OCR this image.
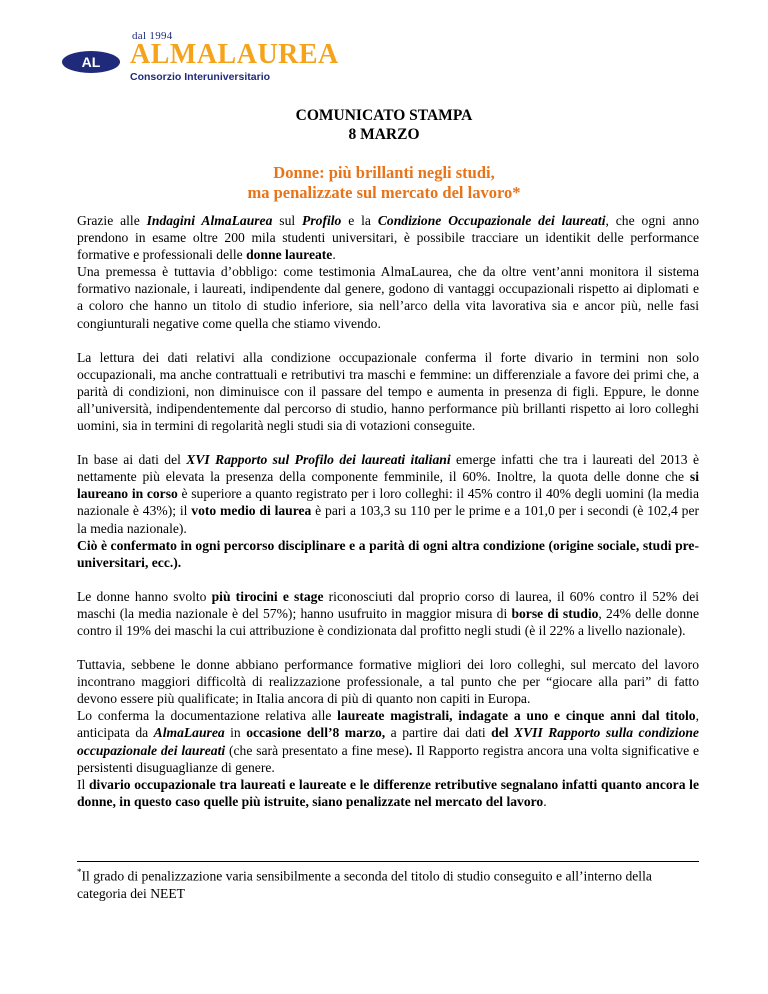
dal 1994
AL	ALMALAUREA
Consorzio Interuniversitario
COMUNICATO STAMPA
8 MARZO
Donne: più brillanti negli studi,
ma penalizzate sul mercato del lavoro*

Grazie alle Indagini AlmaLaurea sul Profilo e la Condizione Occupazionale dei laureati, che ogni anno prendono in esame oltre 200 mila studenti universitari, è possibile tracciare un identikit delle performance formative e professionali delle donne laureate.
Una premessa è tuttavia d’obbligo: come testimonia AlmaLaurea, che da oltre vent’anni monitora il sistema formativo nazionale, i laureati, indipendente dal genere, godono di vantaggi occupazionali rispetto ai diplomati e a coloro che hanno un titolo di studio inferiore, sia nell’arco della vita lavorativa sia e ancor più, nelle fasi congiunturali negative come quella che stiamo vivendo.

La lettura dei dati relativi alla condizione occupazionale conferma il forte divario in termini non solo occupazionali, ma anche contrattuali e retributivi tra maschi e femmine: un differenziale a favore dei primi che, a parità di condizioni, non diminuisce con il passare del tempo e aumenta in presenza di figli. Eppure, le donne all’università, indipendentemente dal percorso di studio, hanno performance più brillanti rispetto ai loro colleghi uomini, sia in termini di regolarità negli studi sia di votazioni conseguite.

In base ai dati del XVI Rapporto sul Profilo dei laureati italiani emerge infatti che tra i laureati del 2013 è nettamente più elevata la presenza della componente femminile, il 60%. Inoltre, la quota delle donne che si laureano in corso è superiore a quanto registrato per i loro colleghi: il 45% contro il 40% degli uomini (la media nazionale è 43%); il voto medio di laurea è pari a 103,3 su 110 per le prime e a 101,0 per i secondi (è 102,4 per la media nazionale).
Ciò è confermato in ogni percorso disciplinare e a parità di ogni altra condizione (origine sociale, studi pre-universitari, ecc.).

Le donne hanno svolto più tirocini e stage riconosciuti dal proprio corso di laurea, il 60% contro il 52% dei maschi (la media nazionale è del 57%); hanno usufruito in maggior misura di borse di studio, 24% delle donne contro il 19% dei maschi la cui attribuzione è condizionata dal profitto negli studi (è il 22% a livello nazionale).

Tuttavia, sebbene le donne abbiano performance formative migliori dei loro colleghi, sul mercato del lavoro incontrano maggiori difficoltà di realizzazione professionale, a tal punto che per “giocare alla pari” di fatto devono essere più qualificate; in Italia ancora di più di quanto non capiti in Europa.
Lo conferma la documentazione relativa alle laureate magistrali, indagate a uno e cinque anni dal titolo, anticipata da AlmaLaurea in occasione dell’8 marzo, a partire dai dati del XVII Rapporto sulla condizione occupazionale dei laureati (che sarà presentato a fine mese). Il Rapporto registra ancora una volta significative e persistenti disuguaglianze di genere.
Il divario occupazionale tra laureati e laureate e le differenze retributive segnalano infatti quanto ancora le donne, in questo caso quelle più istruite, siano penalizzate nel mercato del lavoro.

*Il grado di penalizzazione varia sensibilmente a seconda del titolo di studio conseguito e all’interno della categoria dei NEET
